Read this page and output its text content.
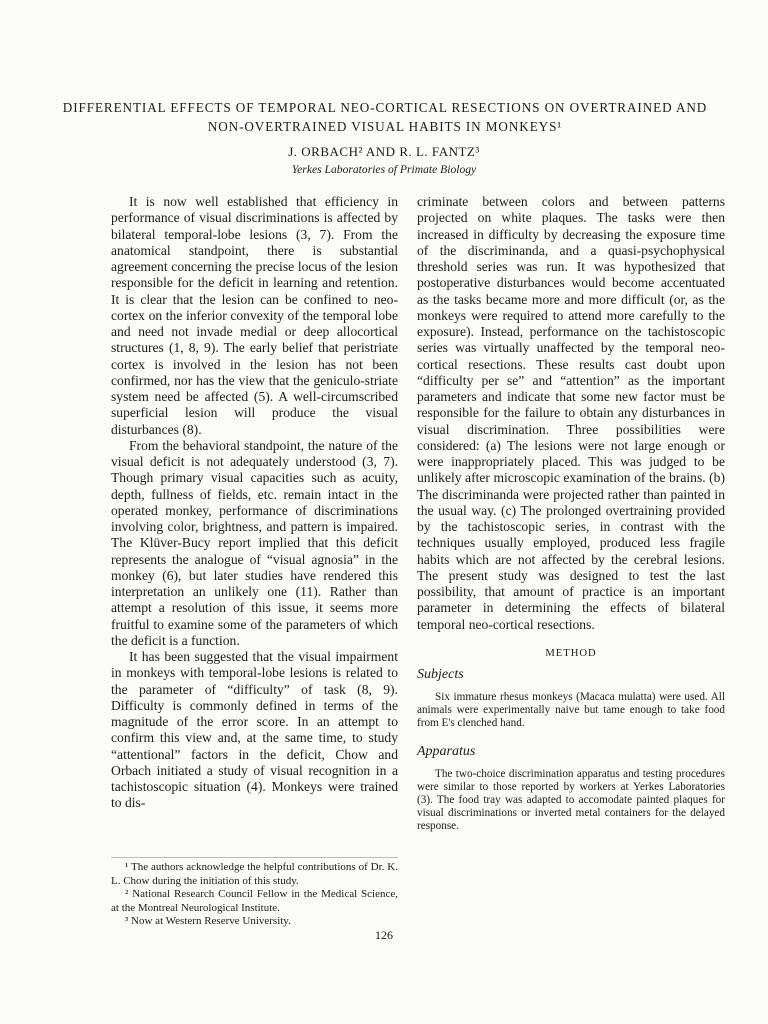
DIFFERENTIAL EFFECTS OF TEMPORAL NEO-CORTICAL RESECTIONS ON OVERTRAINED AND NON-OVERTRAINED VISUAL HABITS IN MONKEYS¹
J. ORBACH² AND R. L. FANTZ³
Yerkes Laboratories of Primate Biology

It is now well established that efficiency in performance of visual discriminations is affected by bilateral temporal-lobe lesions (3, 7). From the anatomical standpoint, there is substantial agreement concerning the precise locus of the lesion responsible for the deficit in learning and retention. It is clear that the lesion can be confined to neo-cortex on the inferior convexity of the temporal lobe and need not invade medial or deep allocortical structures (1, 8, 9). The early belief that peristriate cortex is involved in the lesion has not been confirmed, nor has the view that the geniculo-striate system need be affected (5). A well-circumscribed superficial lesion will produce the visual disturbances (8).

From the behavioral standpoint, the nature of the visual deficit is not adequately understood (3, 7). Though primary visual capacities such as acuity, depth, fullness of fields, etc. remain intact in the operated monkey, performance of discriminations involving color, brightness, and pattern is impaired. The Klüver-Bucy report implied that this deficit represents the analogue of “visual agnosia” in the monkey (6), but later studies have rendered this interpretation an unlikely one (11). Rather than attempt a resolution of this issue, it seems more fruitful to examine some of the parameters of which the deficit is a function.

It has been suggested that the visual impairment in monkeys with temporal-lobe lesions is related to the parameter of “difficulty” of task (8, 9). Difficulty is commonly defined in terms of the magnitude of the error score. In an attempt to confirm this view and, at the same time, to study “attentional” factors in the deficit, Chow and Orbach initiated a study of visual recognition in a tachistoscopic situation (4). Monkeys were trained to dis-

¹ The authors acknowledge the helpful contributions of Dr. K. L. Chow during the initiation of this study.

² National Research Council Fellow in the Medical Science, at the Montreal Neurological Institute.

³ Now at Western Reserve University.

criminate between colors and between patterns projected on white plaques. The tasks were then increased in difficulty by decreasing the exposure time of the discriminanda, and a quasi-psychophysical threshold series was run. It was hypothesized that postoperative disturbances would become accentuated as the tasks became more and more difficult (or, as the monkeys were required to attend more carefully to the exposure). Instead, performance on the tachistoscopic series was virtually unaffected by the temporal neo-cortical resections. These results cast doubt upon “difficulty per se” and “attention” as the important parameters and indicate that some new factor must be responsible for the failure to obtain any disturbances in visual discrimination. Three possibilities were considered: (a) The lesions were not large enough or were inappropriately placed. This was judged to be unlikely after microscopic examination of the brains. (b) The discriminanda were projected rather than painted in the usual way. (c) The prolonged overtraining provided by the tachistoscopic series, in contrast with the techniques usually employed, produced less fragile habits which are not affected by the cerebral lesions. The present study was designed to test the last possibility, that amount of practice is an important parameter in determining the effects of bilateral temporal neo-cortical resections.

METHOD
Subjects

Six immature rhesus monkeys (Macaca mulatta) were used. All animals were experimentally naive but tame enough to take food from E's clenched hand.

Apparatus

The two-choice discrimination apparatus and testing procedures were similar to those reported by workers at Yerkes Laboratories (3). The food tray was adapted to accomodate painted plaques for visual discriminations or inverted metal containers for the delayed response.

126
